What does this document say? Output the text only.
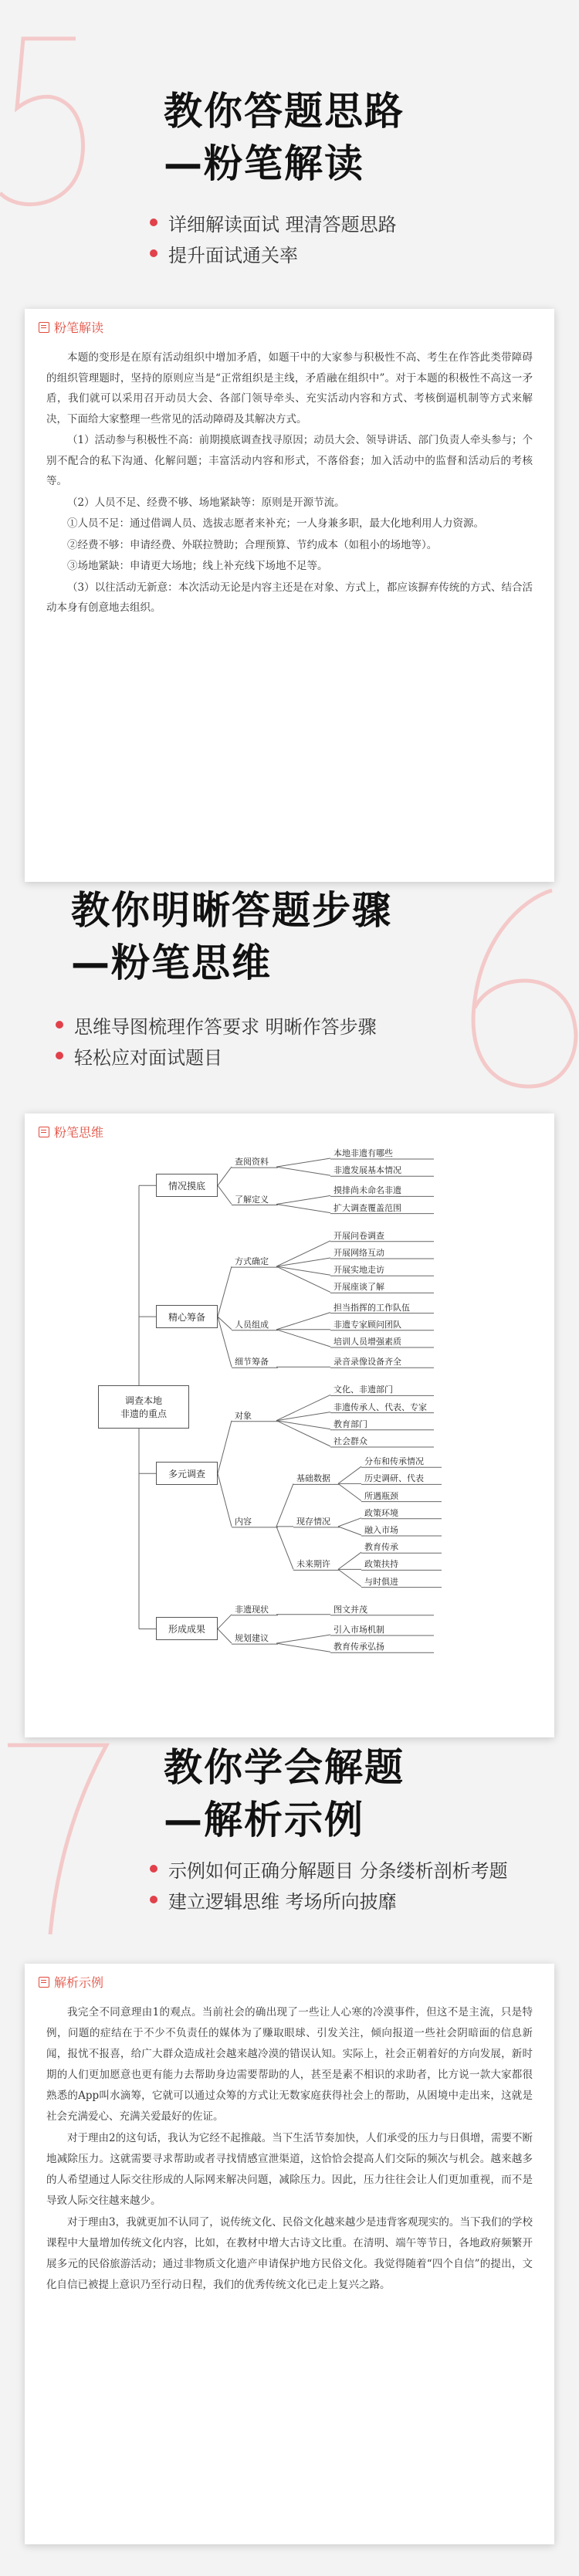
教你答题思路
—粉笔解读
详细解读面试 理清答题思路
提升面试通关率
粉笔解读

本题的变形是在原有活动组织中增加矛盾，如题干中的大家参与积极性不高、考生在作答此类带障碍的组织管理题时，坚持的原则应当是“正常组织是主线，矛盾融在组织中”。对于本题的积极性不高这一矛盾，我们就可以采用召开动员大会、各部门领导牵头、充实活动内容和方式、考核倒逼机制等方式来解决，下面给大家整理一些常见的活动障碍及其解决方式。

（1）活动参与积极性不高：前期摸底调查找寻原因；动员大会、领导讲话、部门负责人牵头参与；个别不配合的私下沟通、化解问题；丰富活动内容和形式，不落俗套；加入活动中的监督和活动后的考核等。

（2）人员不足、经费不够、场地紧缺等：原则是开源节流。

①人员不足：通过借调人员、选拔志愿者来补充；一人身兼多职，最大化地利用人力资源。

②经费不够：申请经费、外联拉赞助；合理预算、节约成本（如租小的场地等）。

③场地紧缺：申请更大场地；线上补充线下场地不足等。

（3）以往活动无新意：本次活动无论是内容主还是在对象、方式上，都应该摒弃传统的方式、结合活动本身有创意地去组织。

教你明晰答题步骤
—粉笔思维
思维导图梳理作答要求 明晰作答步骤
轻松应对面试题目
粉笔思维
本地非遗有哪些
非遗发展基本情况
查阅资料
摸排尚未命名非遗
扩大调查覆盖范围
了解定义
情况摸底
开展问卷调查
开展网络互动
开展实地走访
开展座谈了解
方式确定
担当指挥的工作队伍
非遗专家顾问团队
培训人员增强素质
人员组成
录音录像设备齐全
细节筹备
精心筹备
文化、非遗部门
非遗传承人、代表、专家
教育部门
社会群众
对象
分布和传承情况
历史调研、代表
所遇瓶颈
基础数据
政策环境
融入市场
现存情况
教育传承
政策扶持
与时俱进
未来期许
内容
多元调查
图文并茂
非遗现状
引入市场机制
教育传承弘扬
规划建议
形成成果
调查本地
非遗的重点
教你学会解题
—解析示例
示例如何正确分解题目 分条缕析剖析考题
建立逻辑思维 考场所向披靡
解析示例

我完全不同意理由1的观点。当前社会的确出现了一些让人心寒的冷漠事件，但这不是主流，只是特例，问题的症结在于不少不负责任的媒体为了赚取眼球、引发关注，倾向报道一些社会阴暗面的信息新闻，报忧不报喜，给广大群众造成社会越来越冷漠的错误认知。实际上，社会正朝着好的方向发展，新时期的人们更加愿意也更有能力去帮助身边需要帮助的人，甚至是素不相识的求助者，比方说一款大家都很熟悉的App叫水滴筹，它就可以通过众筹的方式让无数家庭获得社会上的帮助，从困境中走出来，这就是社会充满爱心、充满关爱最好的佐证。

对于理由2的这句话，我认为它经不起推敲。当下生活节奏加快，人们承受的压力与日俱增，需要不断地减除压力。这就需要寻求帮助或者寻找情感宣泄渠道，这恰恰会提高人们交际的频次与机会。越来越多的人希望通过人际交往形成的人际网来解决问题，减除压力。因此，压力往往会让人们更加重视，而不是导致人际交往越来越少。

对于理由3，我就更加不认同了，说传统文化、民俗文化越来越少是违背客观现实的。当下我们的学校课程中大量增加传统文化内容，比如，在教材中增大古诗文比重。在清明、端午等节日，各地政府频繁开展多元的民俗旅游活动；通过非物质文化遗产申请保护地方民俗文化。我觉得随着“四个自信”的提出，文化自信已被提上意识乃至行动日程，我们的优秀传统文化已走上复兴之路。
